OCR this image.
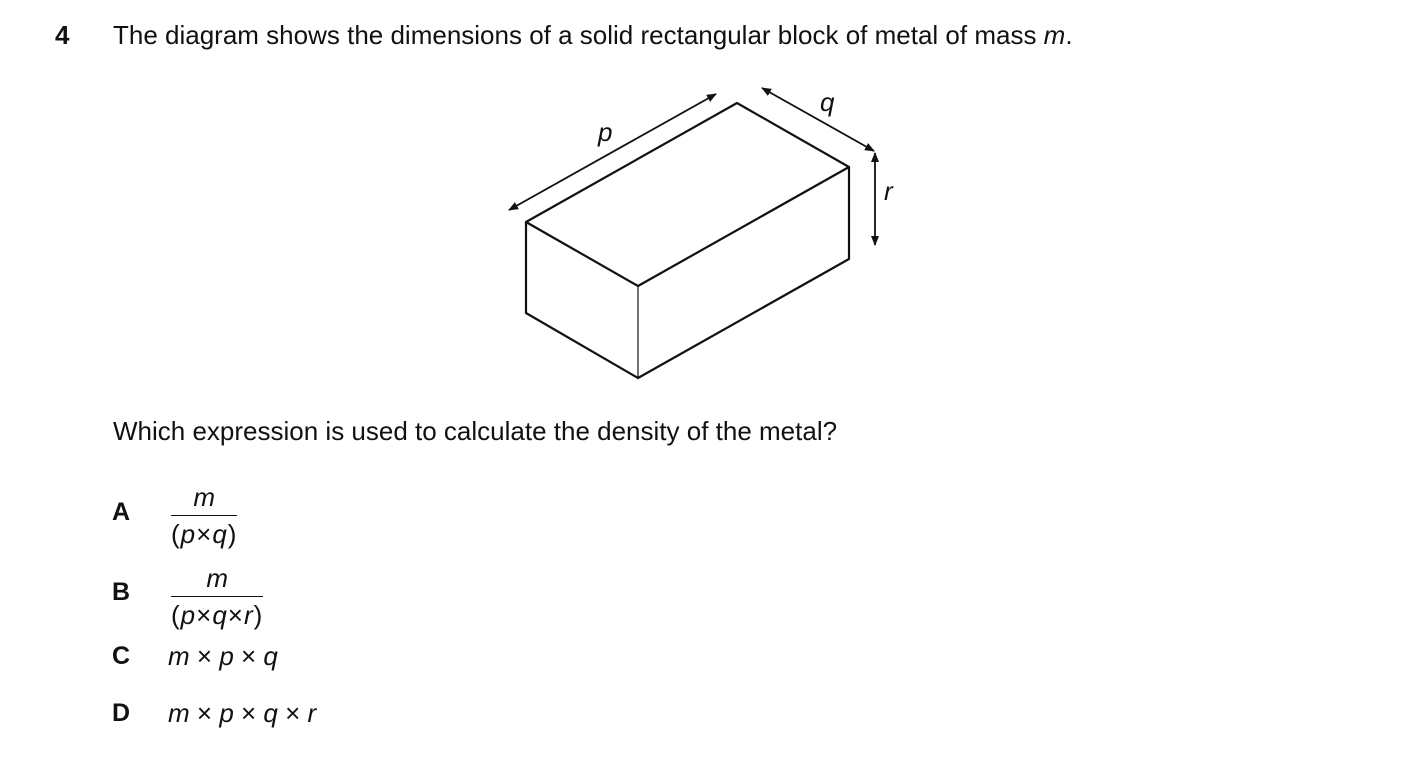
4 The diagram shows the dimensions of a solid rectangular block of metal of mass m.
p
q
r
Which expression is used to calculate the density of the metal?
A m
(p×q)
B	m
(p×q×r)
C m × p × q
D m × p × q × r
